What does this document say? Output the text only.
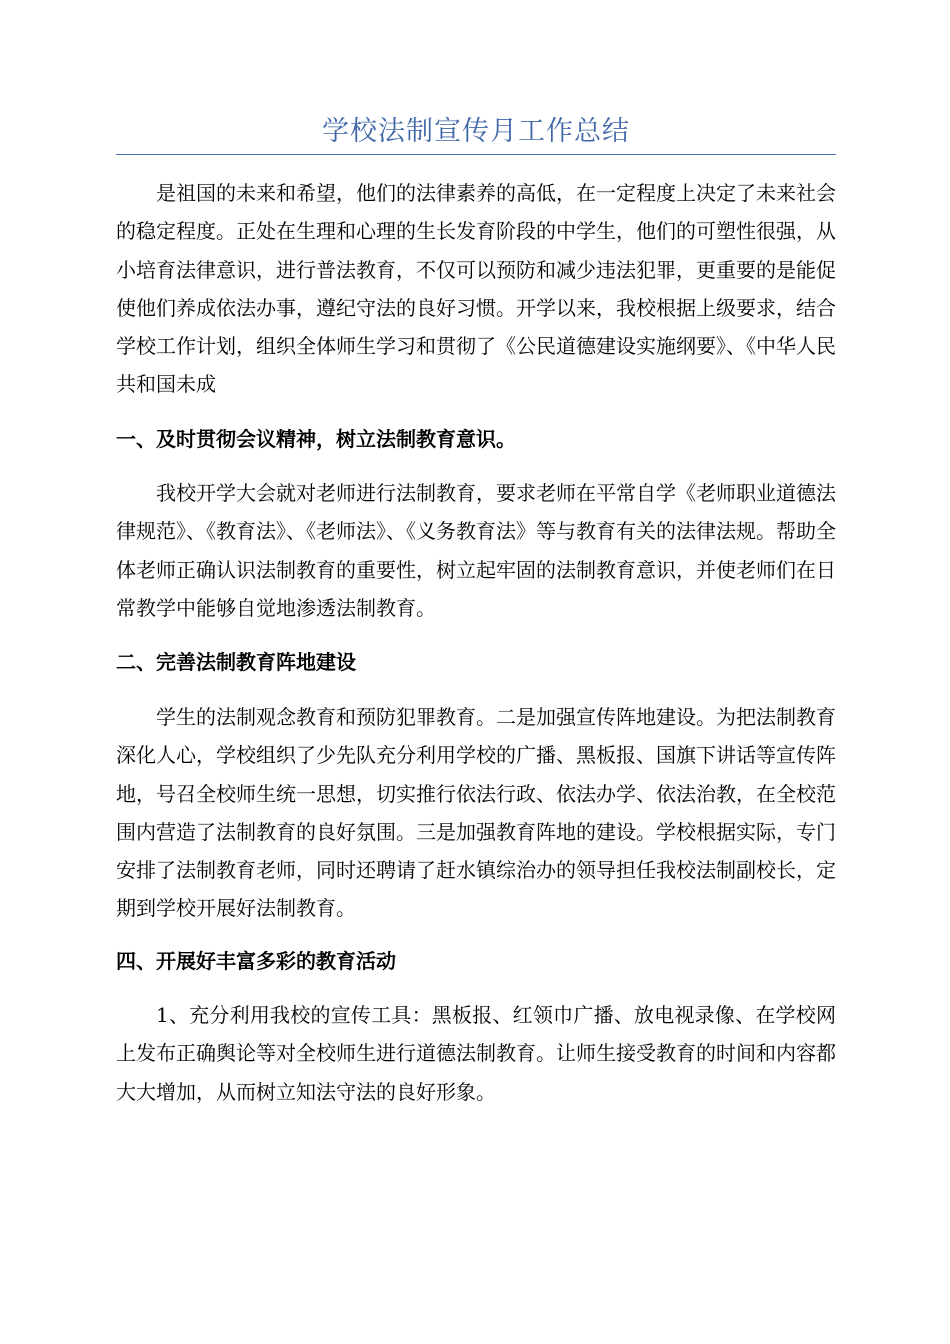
学校法制宣传月工作总结

是祖国的未来和希望，他们的法律素养的高低，在一定程度上决定了未来社会的稳定程度。正处在生理和心理的生长发育阶段的中学生，他们的可塑性很强，从小培育法律意识，进行普法教育，不仅可以预防和减少违法犯罪，更重要的是能促使他们养成依法办事，遵纪守法的良好习惯。开学以来，我校根据上级要求，结合学校工作计划，组织全体师生学习和贯彻了《公民道德建设实施纲要》、《中华人民共和国未成

一、及时贯彻会议精神，树立法制教育意识。

我校开学大会就对老师进行法制教育，要求老师在平常自学《老师职业道德法律规范》、《教育法》、《老师法》、《义务教育法》等与教育有关的法律法规。帮助全体老师正确认识法制教育的重要性，树立起牢固的法制教育意识，并使老师们在日常教学中能够自觉地渗透法制教育。

二、完善法制教育阵地建设

学生的法制观念教育和预防犯罪教育。二是加强宣传阵地建设。为把法制教育深化人心，学校组织了少先队充分利用学校的广播、黑板报、国旗下讲话等宣传阵地，号召全校师生统一思想，切实推行依法行政、依法办学、依法治教，在全校范围内营造了法制教育的良好氛围。三是加强教育阵地的建设。学校根据实际，专门安排了法制教育老师，同时还聘请了赶水镇综治办的领导担任我校法制副校长，定期到学校开展好法制教育。

四、开展好丰富多彩的教育活动

1、充分利用我校的宣传工具：黑板报、红领巾广播、放电视录像、在学校网上发布正确舆论等对全校师生进行道德法制教育。让师生接受教育的时间和内容都大大增加，从而树立知法守法的良好形象。
